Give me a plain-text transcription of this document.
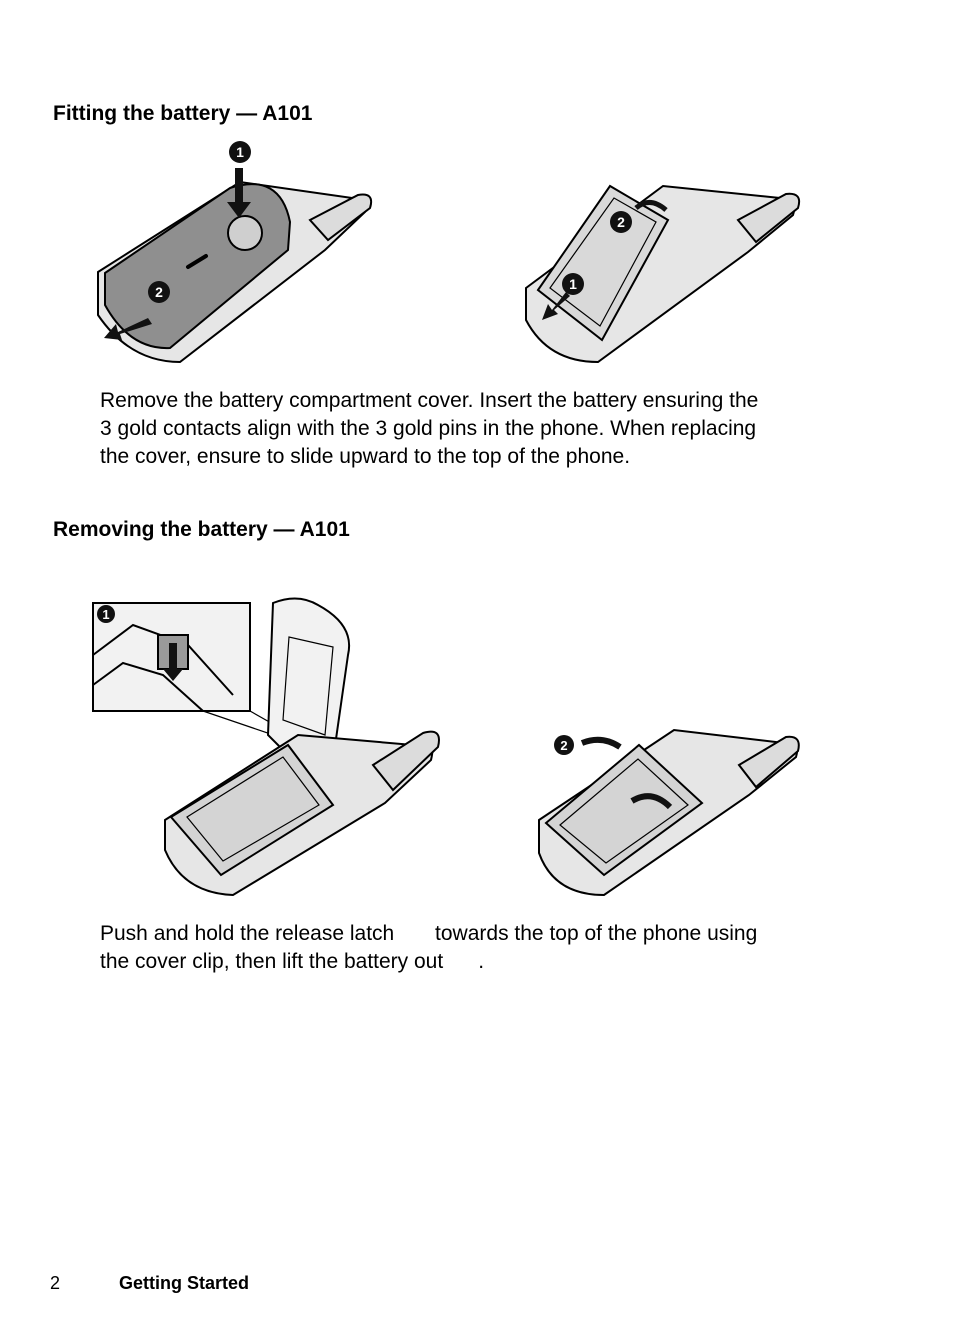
Fitting the battery — A101
1
2
2
1

Remove the battery compartment cover. Insert the battery ensuring the
3 gold contacts align with the 3 gold pins in the phone. When replacing
the cover, ensure to slide upward to the top of the phone.

Removing the battery — A101
1
2

Push and hold the release latch       towards the top of the phone using
the cover clip, then lift the battery out      .

2	Getting Started
